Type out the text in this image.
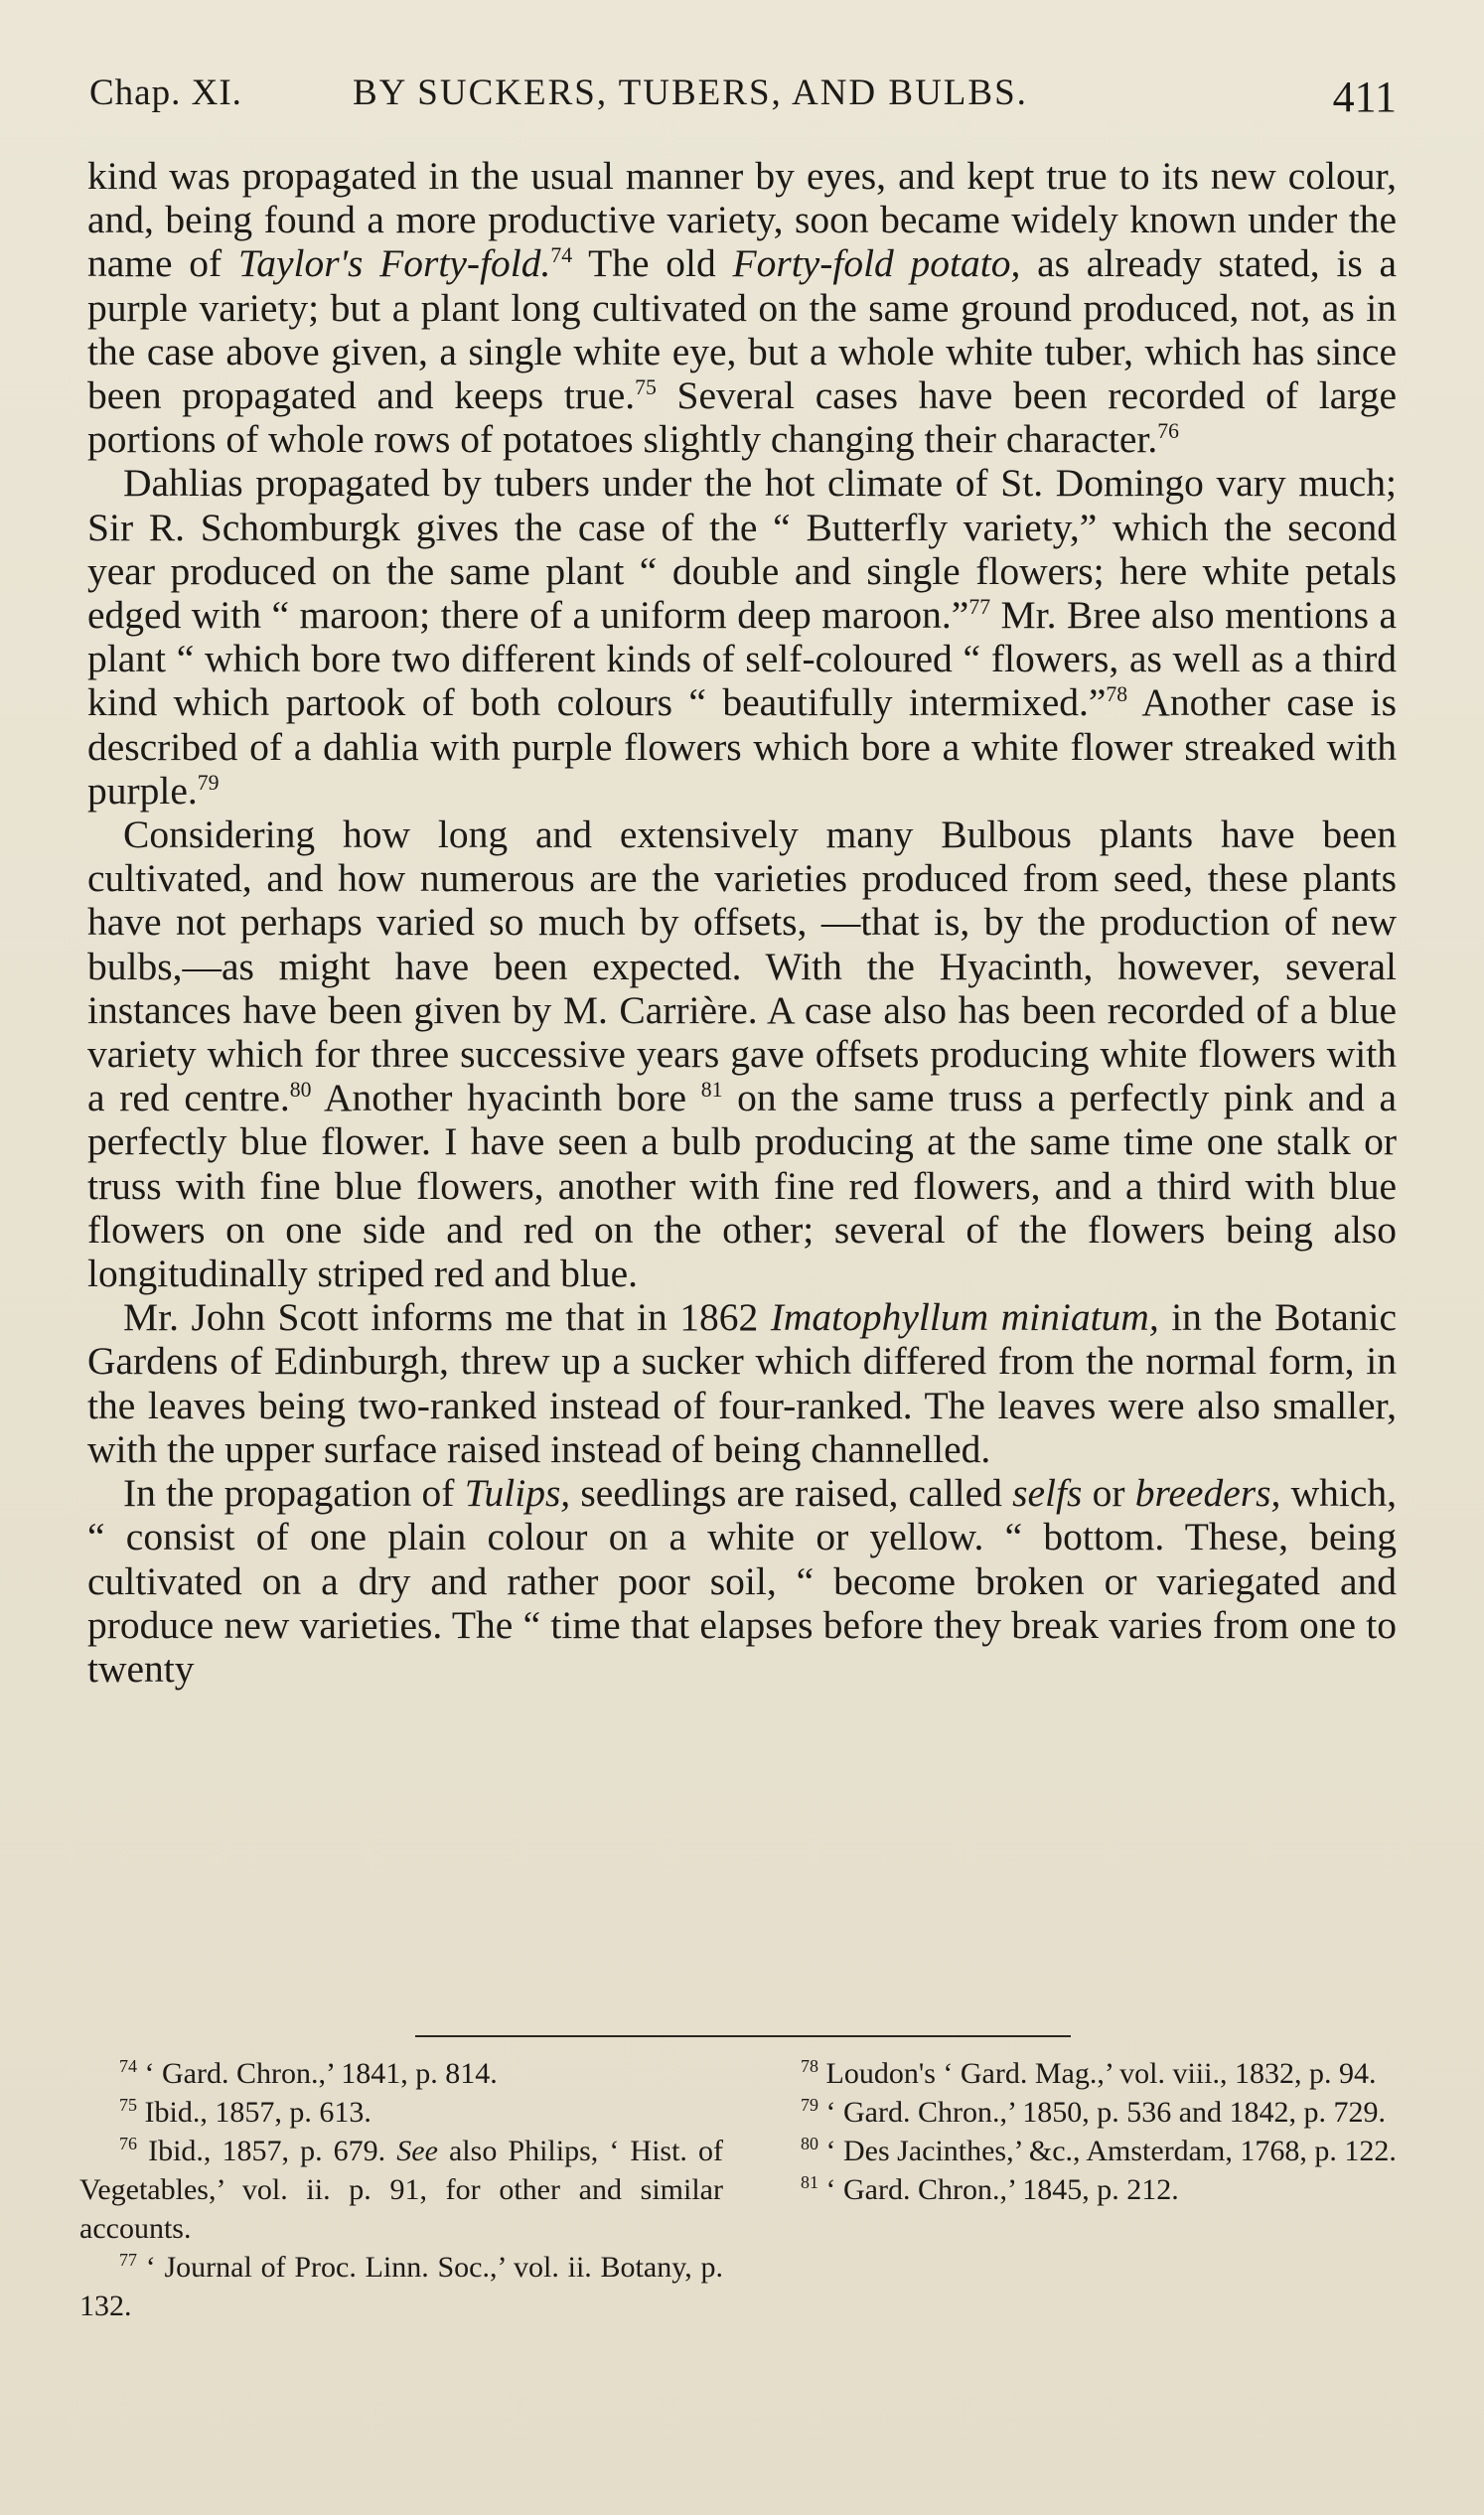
Chap. XI.	BY SUCKERS, TUBERS, AND BULBS.	411

kind was propagated in the usual manner by eyes, and kept true to its new colour, and, being found a more productive variety, soon became widely known under the name of Taylor's Forty-fold.$^{74}$ The old Forty-fold potato, as already stated, is a purple variety; but a plant long cultivated on the same ground produced, not, as in the case above given, a single white eye, but a whole white tuber, which has since been propagated and keeps true.$^{75}$ Several cases have been recorded of large portions of whole rows of potatoes slightly changing their character.$^{76}$

Dahlias propagated by tubers under the hot climate of St. Domingo vary much; Sir R. Schomburgk gives the case of the “ Butterfly variety,” which the second year produced on the same plant “ double and single flowers; here white petals edged with “ maroon; there of a uniform deep maroon.”$^{77}$ Mr. Bree also mentions a plant “ which bore two different kinds of self-coloured “ flowers, as well as a third kind which partook of both colours “ beautifully intermixed.”$^{78}$ Another case is described of a dahlia with purple flowers which bore a white flower streaked with purple.$^{79}$

Considering how long and extensively many Bulbous plants have been cultivated, and how numerous are the varieties produced from seed, these plants have not perhaps varied so much by offsets, —that is, by the production of new bulbs,—as might have been expected. With the Hyacinth, however, several instances have been given by M. Carrière. A case also has been recorded of a blue variety which for three successive years gave offsets producing white flowers with a red centre.$^{80}$ Another hyacinth bore $^{81}$ on the same truss a perfectly pink and a perfectly blue flower. I have seen a bulb producing at the same time one stalk or truss with fine blue flowers, another with fine red flowers, and a third with blue flowers on one side and red on the other; several of the flowers being also longitudinally striped red and blue.

Mr. John Scott informs me that in 1862 Imatophyllum miniatum, in the Botanic Gardens of Edinburgh, threw up a sucker which differed from the normal form, in the leaves being two-ranked instead of four-ranked. The leaves were also smaller, with the upper surface raised instead of being channelled.

In the propagation of Tulips, seedlings are raised, called selfs or breeders, which, “ consist of one plain colour on a white or yellow. “ bottom. These, being cultivated on a dry and rather poor soil, “ become broken or variegated and produce new varieties. The “ time that elapses before they break varies from one to twenty

$^{74}$ ‘ Gard. Chron.,’ 1841, p. 814.

$^{75}$ Ibid., 1857, p. 613.

$^{76}$ Ibid., 1857, p. 679. See also Philips, ‘ Hist. of Vegetables,’ vol. ii. p. 91, for other and similar accounts.

$^{77}$ ‘ Journal of Proc. Linn. Soc.,’ vol. ii. Botany, p. 132.

$^{78}$ Loudon's ‘ Gard. Mag.,’ vol. viii., 1832, p. 94.

$^{79}$ ‘ Gard. Chron.,’ 1850, p. 536 and 1842, p. 729.

$^{80}$ ‘ Des Jacinthes,’ &c., Amsterdam, 1768, p. 122.

$^{81}$ ‘ Gard. Chron.,’ 1845, p. 212.
